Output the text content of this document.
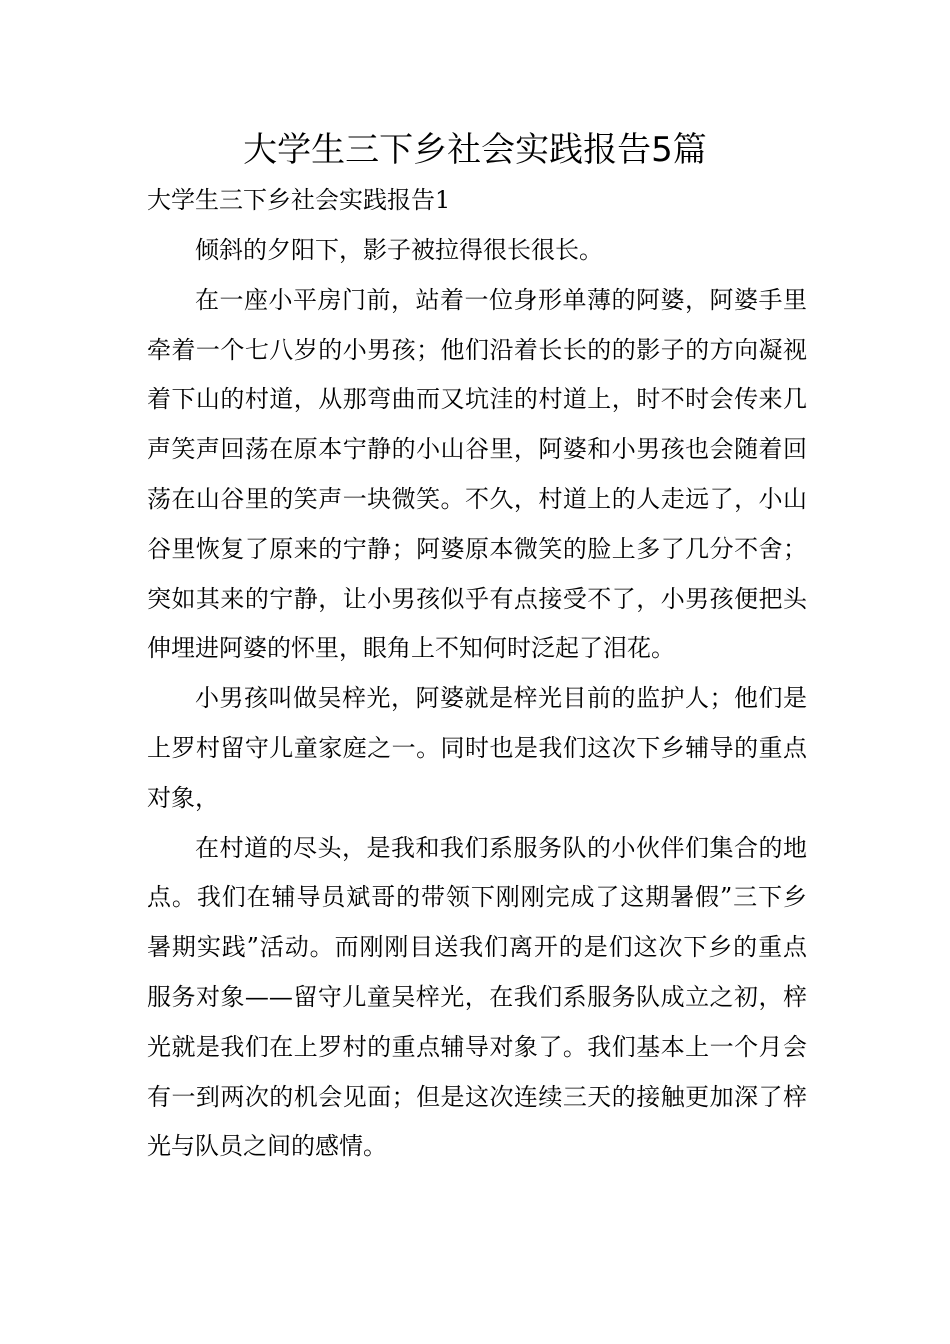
大学生三下乡社会实践报告5篇
大学生三下乡社会实践报告1

倾斜的夕阳下，影子被拉得很长很长。

在一座小平房门前，站着一位身形单薄的阿婆，阿婆手里牵着一个七八岁的小男孩；他们沿着长长的的影子的方向凝视着下山的村道，从那弯曲而又坑洼的村道上，时不时会传来几声笑声回荡在原本宁静的小山谷里，阿婆和小男孩也会随着回荡在山谷里的笑声一块微笑。不久，村道上的人走远了，小山谷里恢复了原来的宁静；阿婆原本微笑的脸上多了几分不舍；突如其来的宁静，让小男孩似乎有点接受不了，小男孩便把头伸埋进阿婆的怀里，眼角上不知何时泛起了泪花。

小男孩叫做吴梓光，阿婆就是梓光目前的监护人；他们是上罗村留守儿童家庭之一。同时也是我们这次下乡辅导的重点对象，

在村道的尽头，是我和我们系服务队的小伙伴们集合的地点。我们在辅导员斌哥的带领下刚刚完成了这期暑假”三下乡暑期实践”活动。而刚刚目送我们离开的是们这次下乡的重点服务对象——留守儿童吴梓光，在我们系服务队成立之初，梓光就是我们在上罗村的重点辅导对象了。我们基本上一个月会有一到两次的机会见面；但是这次连续三天的接触更加深了梓光与队员之间的感情。
